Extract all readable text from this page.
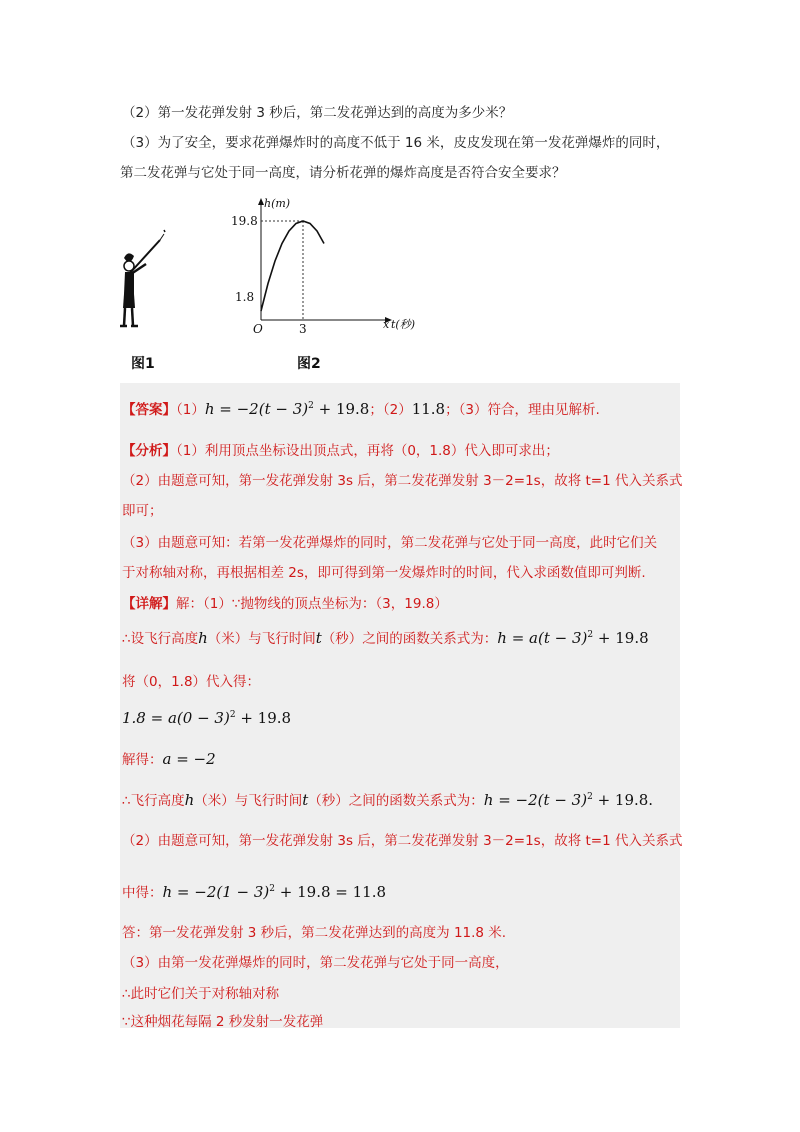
（2）第一发花弹发射 3 秒后，第二发花弹达到的高度为多少米？
（3）为了安全，要求花弹爆炸时的高度不低于 16 米，皮皮发现在第一发花弹爆炸的同时，
第二发花弹与它处于同一高度，请分析花弹的爆炸高度是否符合安全要求？
h(m)
19.8
1.8
O	3	x t(秒)
图1	图2
【答案】$(1)h = -2(t - 3)^2 + 19.8$；（2）11.8；（3）符合，理由见解析.
【分析】（1）利用顶点坐标设出顶点式，再将（0，1.8）代入即可求出；
（2）由题意可知，第一发花弹发射 3s 后，第二发花弹发射 3－2=1s，故将 t=1 代入关系式
即可；
（3）由题意可知：若第一发花弹爆炸的同时，第二发花弹与它处于同一高度，此时它们关
于对称轴对称，再根据相差 2s，即可得到第一发爆炸时的时间，代入求函数值即可判断.
【详解】解：（1）∵抛物线的顶点坐标为：（3，19.8）
∴设飞行高度h（米）与飞行时间t（秒）之间的函数关系式为：$h = a(t - 3)^2 + 19.8$
将（0，1.8）代入得：
$1.8 = a(0 - 3)^2 + 19.8$
解得：a = −2
∴飞行高度h（米）与飞行时间t（秒）之间的函数关系式为：$h = -2(t - 3)^2 + 19.8$.
（2）由题意可知，第一发花弹发射 3s 后，第二发花弹发射 3－2=1s，故将 t=1 代入关系式
中得：$h = -2(1 - 3)^2 + 19.8 = 11.8$
答：第一发花弹发射 3 秒后，第二发花弹达到的高度为 11.8 米.
（3）由第一发花弹爆炸的同时，第二发花弹与它处于同一高度，
∴此时它们关于对称轴对称
∵这种烟花每隔 2 秒发射一发花弹
